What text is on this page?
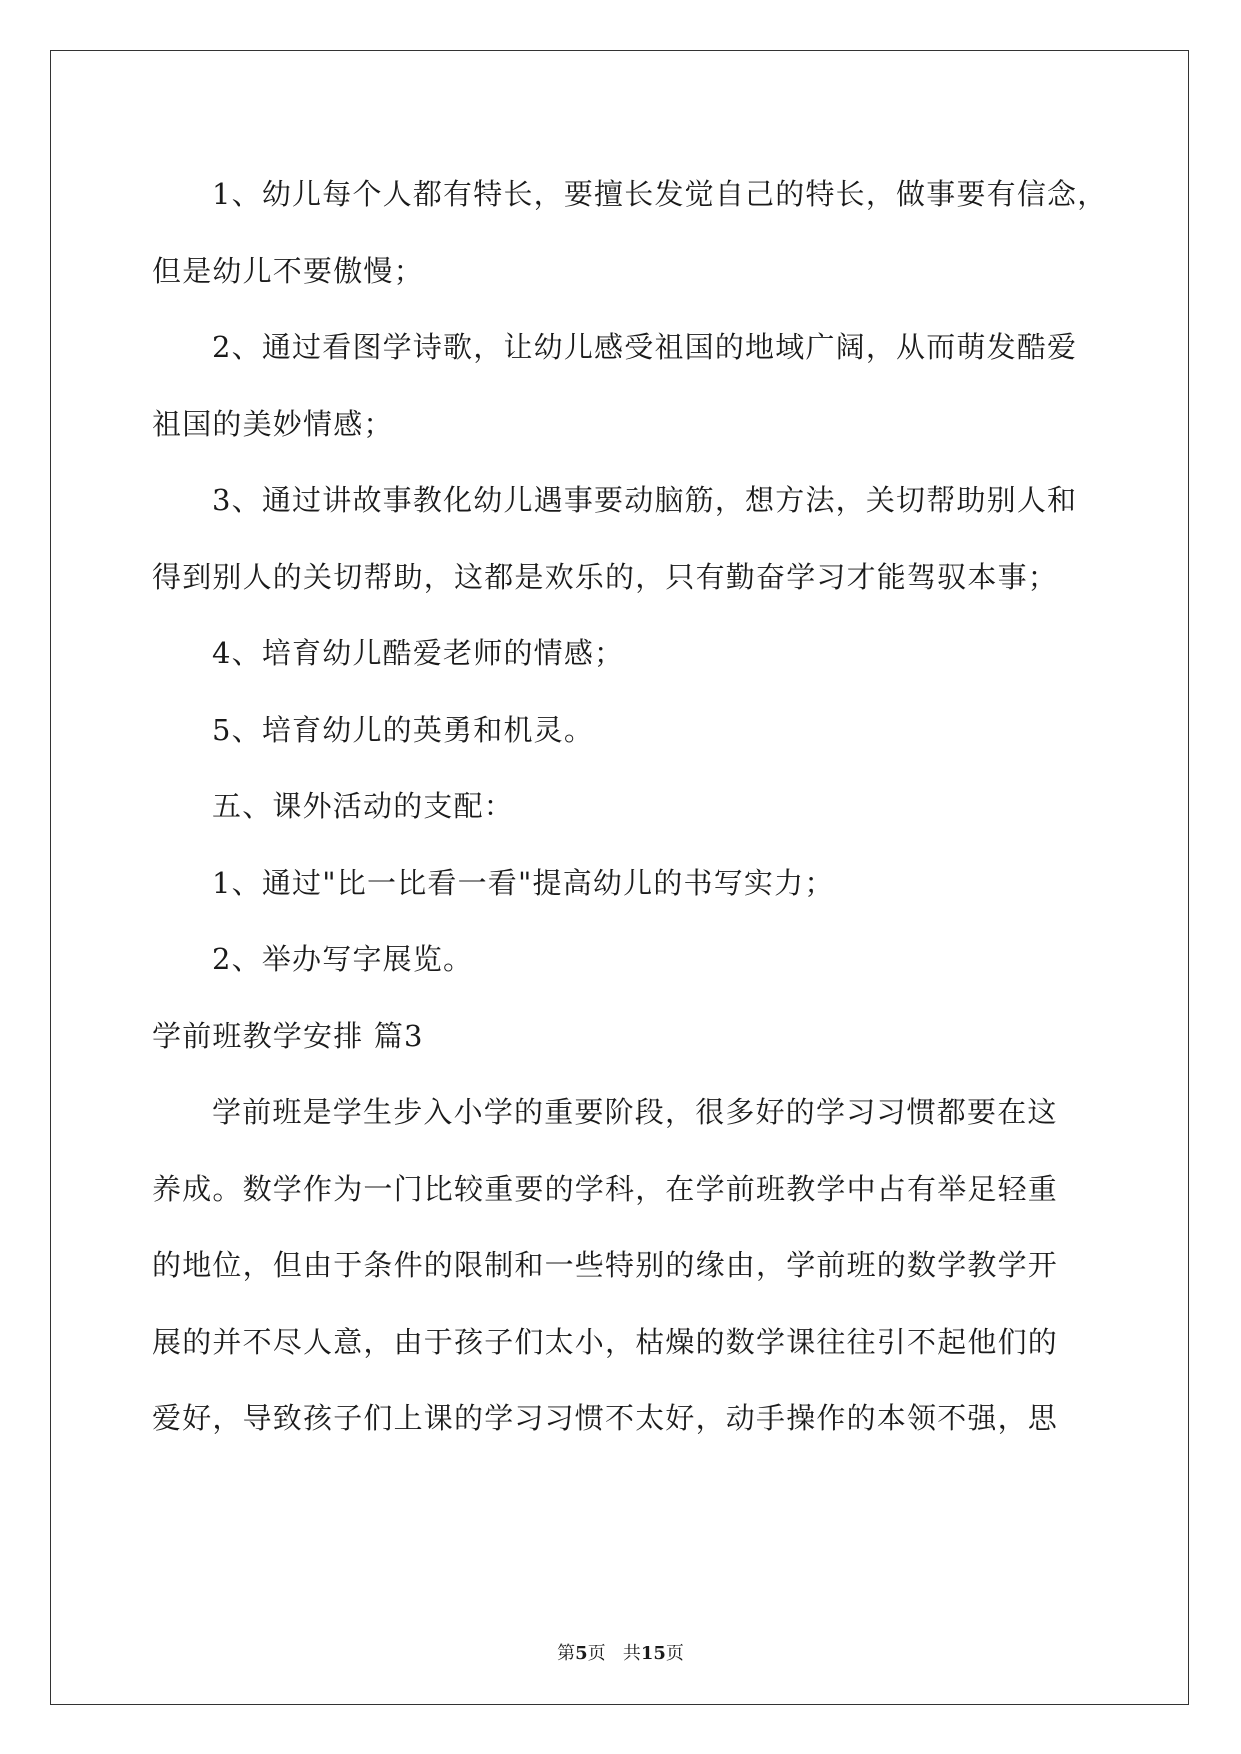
1、幼儿每个人都有特长，要擅长发觉自己的特长，做事要有信念，
但是幼儿不要傲慢；
2、通过看图学诗歌，让幼儿感受祖国的地域广阔，从而萌发酷爱
祖国的美妙情感；
3、通过讲故事教化幼儿遇事要动脑筋，想方法，关切帮助别人和
得到别人的关切帮助，这都是欢乐的，只有勤奋学习才能驾驭本事；
4、培育幼儿酷爱老师的情感；
5、培育幼儿的英勇和机灵。
五、课外活动的支配：
1、通过"比一比看一看"提高幼儿的书写实力；
2、举办写字展览。
学前班教学安排 篇3
学前班是学生步入小学的重要阶段，很多好的学习习惯都要在这
养成。数学作为一门比较重要的学科，在学前班教学中占有举足轻重
的地位，但由于条件的限制和一些特别的缘由，学前班的数学教学开
展的并不尽人意，由于孩子们太小，枯燥的数学课往往引不起他们的
爱好，导致孩子们上课的学习习惯不太好，动手操作的本领不强，思
第5页 共15页
